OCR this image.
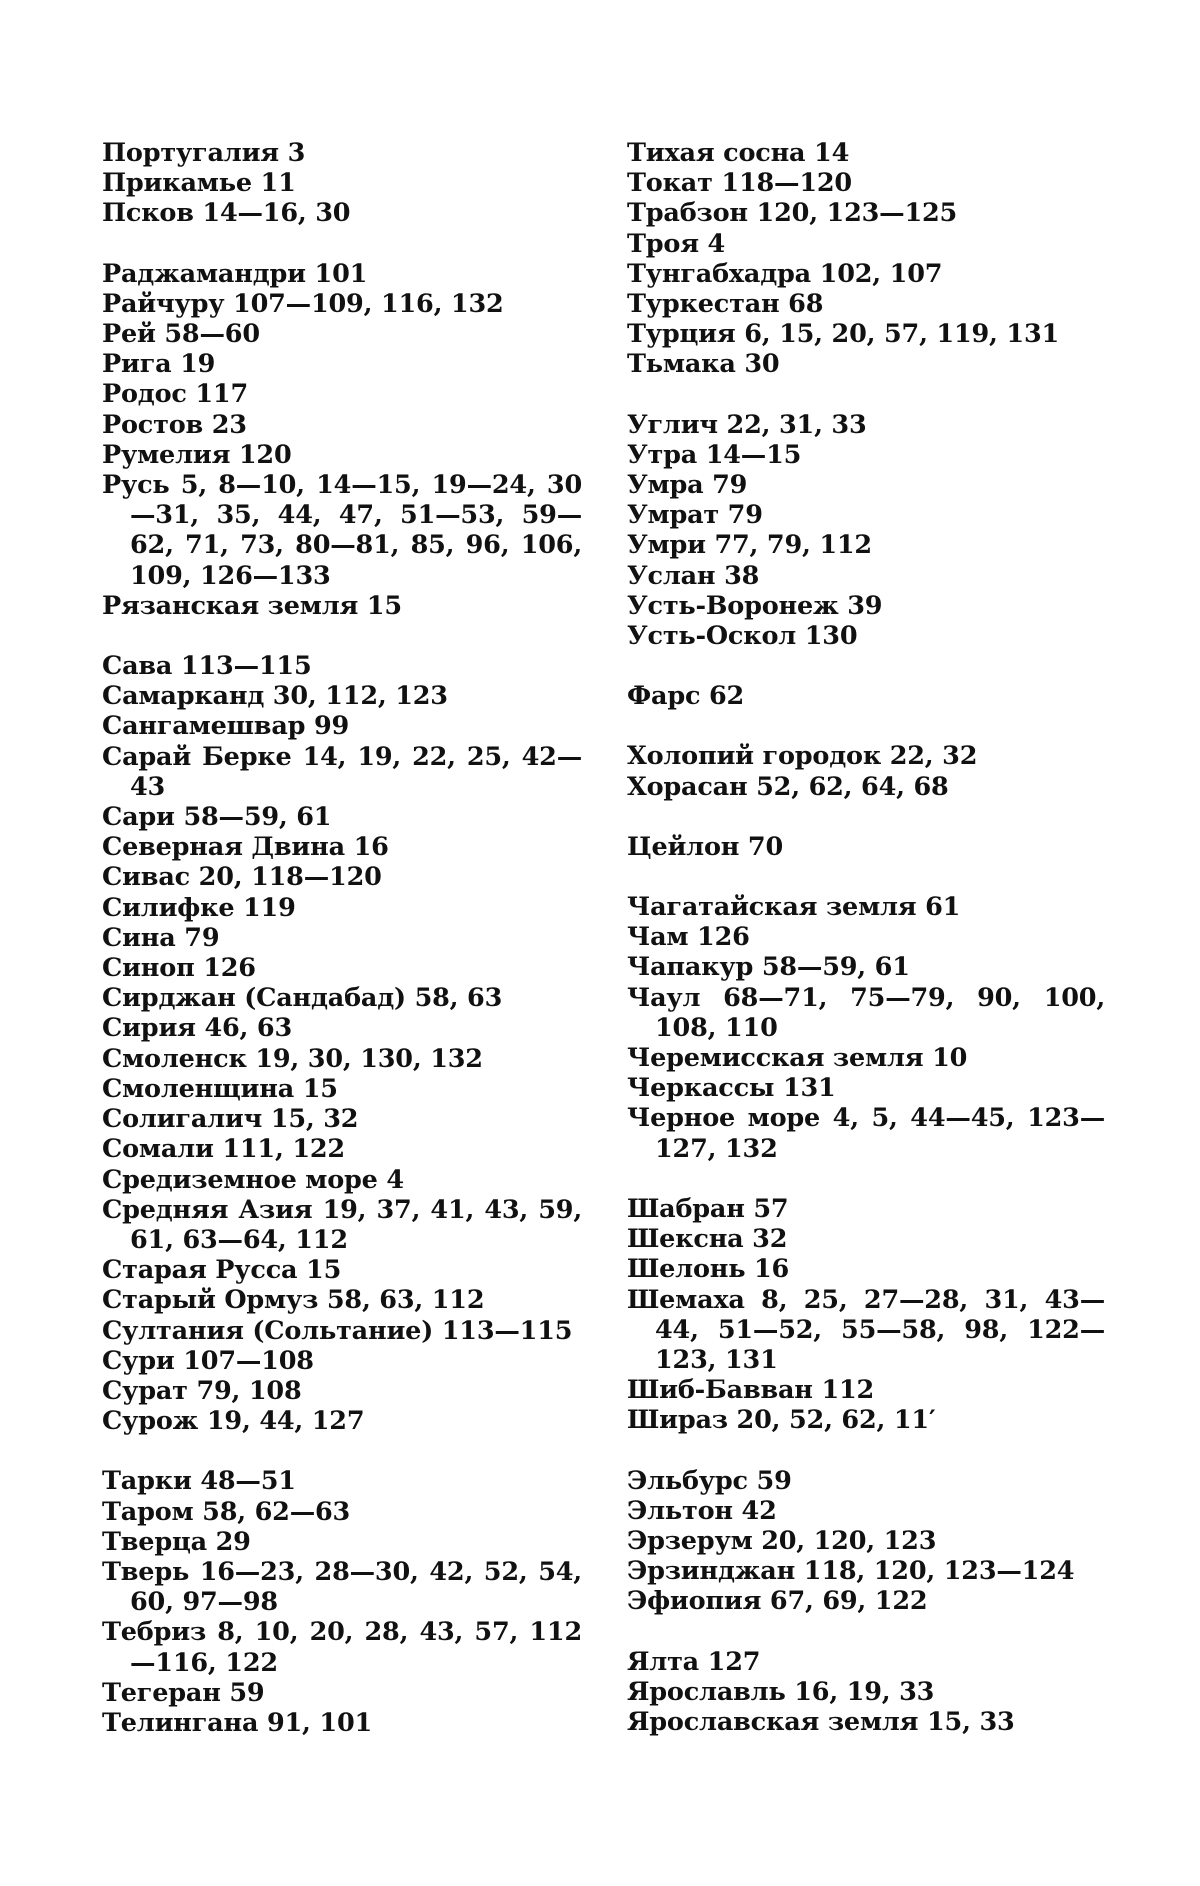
Португалия 3
Прикамье 11
Псков 14—16, 30
Раджамандри 101
Райчуру 107—109, 116, 132
Рей 58—60
Рига 19
Родос 117
Ростов 23
Румелия 120
Русь 5, 8—10, 14—15, 19—24, 30—31, 35, 44, 47, 51—53, 59—62, 71, 73, 80—81, 85, 96, 106, 109, 126—133
Рязанская земля 15
Сава 113—115
Самарканд 30, 112, 123
Сангамешвар 99
Сарай Берке 14, 19, 22, 25, 42—43
Сари 58—59, 61
Северная Двина 16
Сивас 20, 118—120
Силифке 119
Сина 79
Синоп 126
Сирджан (Сандабад) 58, 63
Сирия 46, 63
Смоленск 19, 30, 130, 132
Смоленщина 15
Солигалич 15, 32
Сомали 111, 122
Средиземное море 4
Средняя Азия 19, 37, 41, 43, 59, 61, 63—64, 112
Старая Русса 15
Старый Ормуз 58, 63, 112
Султания (Сольтание) 113—115
Сури 107—108
Сурат 79, 108
Сурож 19, 44, 127
Тарки 48—51
Таром 58, 62—63
Тверца 29
Тверь 16—23, 28—30, 42, 52, 54, 60, 97—98
Тебриз 8, 10, 20, 28, 43, 57, 112—116, 122
Тегеран 59
Телингана 91, 101
Тихая сосна 14
Токат 118—120
Трабзон 120, 123—125
Троя 4
Тунгабхадра 102, 107
Туркестан 68
Турция 6, 15, 20, 57, 119, 131
Тьмака 30
Углич 22, 31, 33
Утра 14—15
Умра 79
Умрат 79
Умри 77, 79, 112
Услан 38
Усть-Воронеж 39
Усть-Оскол 130
Фарс 62
Холопий городок 22, 32
Хорасан 52, 62, 64, 68
Цейлон 70
Чагатайская земля 61
Чам 126
Чапакур 58—59, 61
Чаул 68—71, 75—79, 90, 100, 108, 110
Черемисская земля 10
Черкассы 131
Черное море 4, 5, 44—45, 123—127, 132
Шабран 57
Шексна 32
Шелонь 16
Шемаха 8, 25, 27—28, 31, 43—44, 51—52, 55—58, 98, 122—123, 131
Шиб-Бавван 112
Шираз 20, 52, 62, 11′
Эльбурс 59
Эльтон 42
Эрзерум 20, 120, 123
Эрзинджан 118, 120, 123—124
Эфиопия 67, 69, 122
Ялта 127
Ярославль 16, 19, 33
Ярославская земля 15, 33
